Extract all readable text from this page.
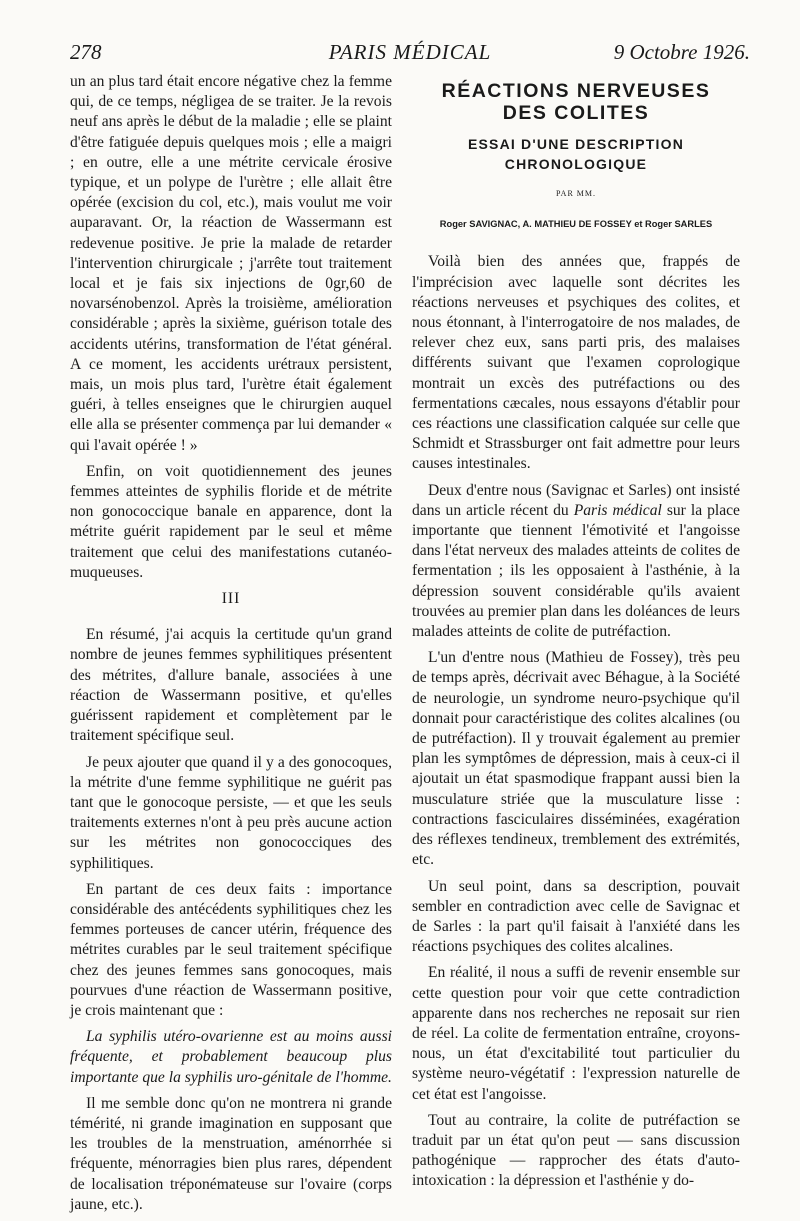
278	PARIS MÉDICAL	9 Octobre 1926.

un an plus tard était encore négative chez la femme qui, de ce temps, négligea de se traiter. Je la revois neuf ans après le début de la maladie ; elle se plaint d'être fatiguée depuis quelques mois ; elle a maigri ; en outre, elle a une métrite cervicale érosive typique, et un polype de l'urètre ; elle allait être opérée (excision du col, etc.), mais voulut me voir auparavant. Or, la réaction de Wassermann est redevenue positive. Je prie la malade de retarder l'intervention chirurgicale ; j'arrête tout traitement local et je fais six injections de 0gr,60 de novarsénobenzol. Après la troisième, amélioration considérable ; après la sixième, guérison totale des accidents utérins, transformation de l'état général. A ce moment, les accidents urétraux persistent, mais, un mois plus tard, l'urètre était également guéri, à telles enseignes que le chirurgien auquel elle alla se présenter commença par lui demander « qui l'avait opérée ! »

Enfin, on voit quotidiennement des jeunes femmes atteintes de syphilis floride et de métrite non gonococcique banale en apparence, dont la métrite guérit rapidement par le seul et même traitement que celui des manifestations cutanéo-muqueuses.

III

En résumé, j'ai acquis la certitude qu'un grand nombre de jeunes femmes syphilitiques présentent des métrites, d'allure banale, associées à une réaction de Wassermann positive, et qu'elles guérissent rapidement et complètement par le traitement spécifique seul.

Je peux ajouter que quand il y a des gonocoques, la métrite d'une femme syphilitique ne guérit pas tant que le gonocoque persiste, — et que les seuls traitements externes n'ont à peu près aucune action sur les métrites non gonococciques des syphilitiques.

En partant de ces deux faits : importance considérable des antécédents syphilitiques chez les femmes porteuses de cancer utérin, fréquence des métrites curables par le seul traitement spécifique chez des jeunes femmes sans gonocoques, mais pourvues d'une réaction de Wassermann positive, je crois maintenant que :

La syphilis utéro-ovarienne est au moins aussi fréquente, et probablement beaucoup plus importante que la syphilis uro-génitale de l'homme.

Il me semble donc qu'on ne montrera ni grande témérité, ni grande imagination en supposant que les troubles de la menstruation, aménorrhée si fréquente, ménorragies bien plus rares, dépendent de localisation tréponémateuse sur l'ovaire (corps jaune, etc.).

RÉACTIONS NERVEUSES
DES COLITES
ESSAI D'UNE DESCRIPTION
CHRONOLOGIQUE
PAR MM.
Roger SAVIGNAC, A. MATHIEU DE FOSSEY et Roger SARLES

Voilà bien des années que, frappés de l'imprécision avec laquelle sont décrites les réactions nerveuses et psychiques des colites, et nous étonnant, à l'interrogatoire de nos malades, de relever chez eux, sans parti pris, des malaises différents suivant que l'examen coprologique montrait un excès des putréfactions ou des fermentations cæcales, nous essayons d'établir pour ces réactions une classification calquée sur celle que Schmidt et Strassburger ont fait admettre pour leurs causes intestinales.

Deux d'entre nous (Savignac et Sarles) ont insisté dans un article récent du Paris médical sur la place importante que tiennent l'émotivité et l'angoisse dans l'état nerveux des malades atteints de colites de fermentation ; ils les opposaient à l'asthénie, à la dépression souvent considérable qu'ils avaient trouvées au premier plan dans les doléances de leurs malades atteints de colite de putréfaction.

L'un d'entre nous (Mathieu de Fossey), très peu de temps après, décrivait avec Béhague, à la Société de neurologie, un syndrome neuro-psychique qu'il donnait pour caractéristique des colites alcalines (ou de putréfaction). Il y trouvait également au premier plan les symptômes de dépression, mais à ceux-ci il ajoutait un état spasmodique frappant aussi bien la musculature striée que la musculature lisse : contractions fasciculaires disséminées, exagération des réflexes tendineux, tremblement des extrémités, etc.

Un seul point, dans sa description, pouvait sembler en contradiction avec celle de Savignac et de Sarles : la part qu'il faisait à l'anxiété dans les réactions psychiques des colites alcalines.

En réalité, il nous a suffi de revenir ensemble sur cette question pour voir que cette contradiction apparente dans nos recherches ne reposait sur rien de réel. La colite de fermentation entraîne, croyons-nous, un état d'excitabilité tout particulier du système neuro-végétatif : l'expression naturelle de cet état est l'angoisse.

Tout au contraire, la colite de putréfaction se traduit par un état qu'on peut — sans discussion pathogénique — rapprocher des états d'auto-intoxication : la dépression et l'asthénie y do-
